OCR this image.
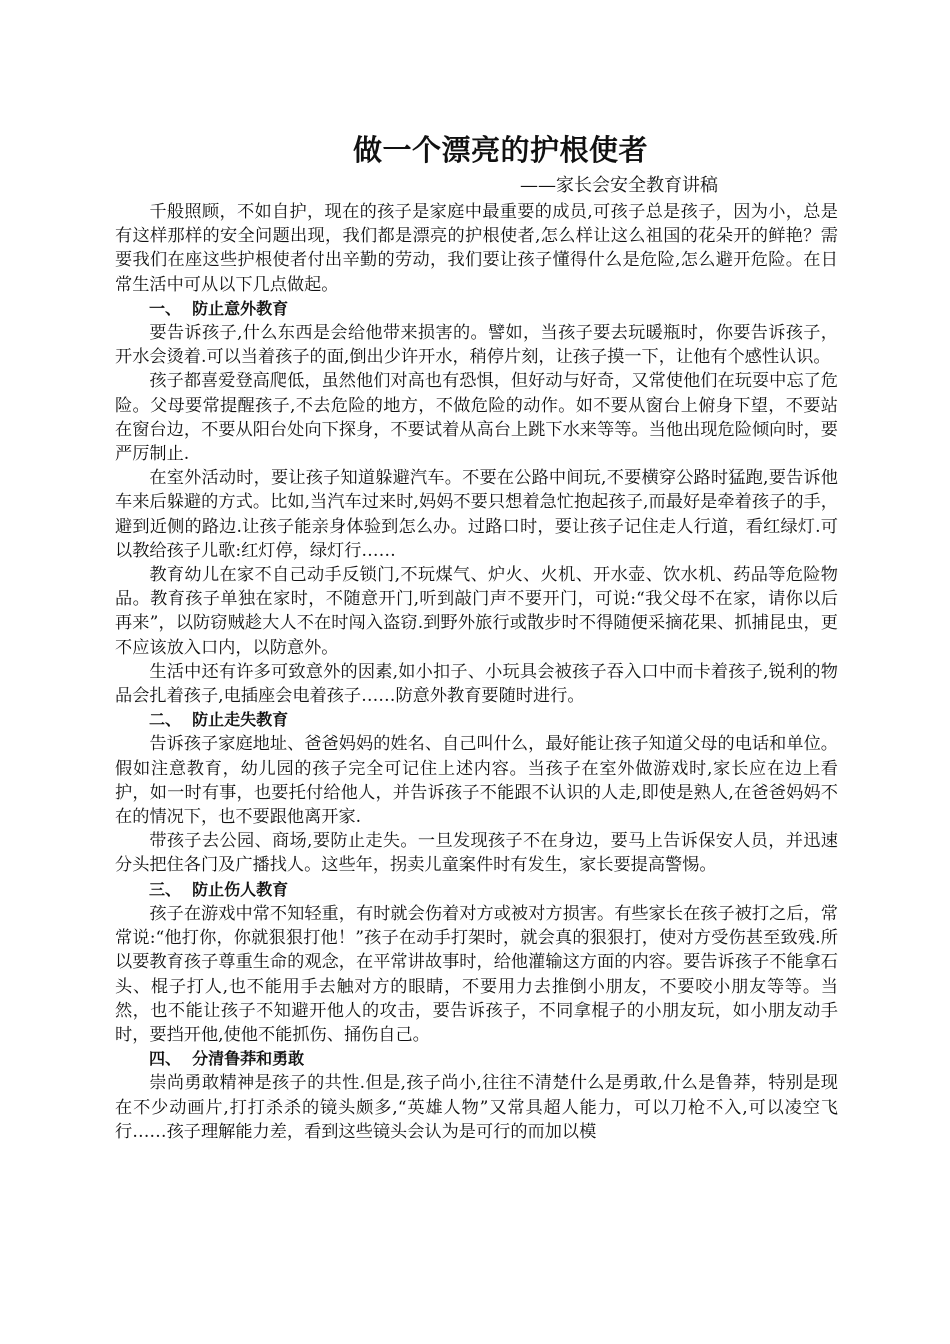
做一个漂亮的护根使者
——家长会安全教育讲稿

千般照顾，不如自护，现在的孩子是家庭中最重要的成员,可孩子总是孩子，因为小，总是有这样那样的安全问题出现，我们都是漂亮的护根使者,怎么样让这么祖国的花朵开的鲜艳？需要我们在座这些护根使者付出辛勤的劳动，我们要让孩子懂得什么是危险,怎么避开危险。在日常生活中可从以下几点做起。

一、  防止意外教育

要告诉孩子,什么东西是会给他带来损害的。譬如，当孩子要去玩暖瓶时，你要告诉孩子，开水会烫着.可以当着孩子的面,倒出少许开水，稍停片刻，让孩子摸一下，让他有个感性认识。

孩子都喜爱登高爬低，虽然他们对高也有恐惧，但好动与好奇，又常使他们在玩耍中忘了危险。父母要常提醒孩子,不去危险的地方，不做危险的动作。如不要从窗台上俯身下望，不要站在窗台边，不要从阳台处向下探身，不要试着从高台上跳下水来等等。当他出现危险倾向时，要严厉制止.

在室外活动时，要让孩子知道躲避汽车。不要在公路中间玩,不要横穿公路时猛跑,要告诉他车来后躲避的方式。比如,当汽车过来时,妈妈不要只想着急忙抱起孩子,而最好是牵着孩子的手，避到近侧的路边.让孩子能亲身体验到怎么办。过路口时，要让孩子记住走人行道，看红绿灯.可以教给孩子儿歌:红灯停，绿灯行……

教育幼儿在家不自己动手反锁门,不玩煤气、炉火、火机、开水壶、饮水机、药品等危险物品。教育孩子单独在家时，不随意开门,听到敲门声不要开门，可说:“我父母不在家，请你以后再来”，以防窃贼趁大人不在时闯入盗窃.到野外旅行或散步时不得随便采摘花果、抓捕昆虫，更不应该放入口内，以防意外。

生活中还有许多可致意外的因素,如小扣子、小玩具会被孩子吞入口中而卡着孩子,锐利的物品会扎着孩子,电插座会电着孩子……防意外教育要随时进行。

二、  防止走失教育

告诉孩子家庭地址、爸爸妈妈的姓名、自己叫什么，最好能让孩子知道父母的电话和单位。假如注意教育，幼儿园的孩子完全可记住上述内容。当孩子在室外做游戏时,家长应在边上看护，如一时有事，也要托付给他人，并告诉孩子不能跟不认识的人走,即使是熟人,在爸爸妈妈不在的情况下，也不要跟他离开家.

带孩子去公园、商场,要防止走失。一旦发现孩子不在身边，要马上告诉保安人员，并迅速分头把住各门及广播找人。这些年，拐卖儿童案件时有发生，家长要提高警惕。

三、  防止伤人教育

孩子在游戏中常不知轻重，有时就会伤着对方或被对方损害。有些家长在孩子被打之后，常常说:“他打你，你就狠狠打他！”孩子在动手打架时，就会真的狠狠打，使对方受伤甚至致残.所以要教育孩子尊重生命的观念，在平常讲故事时，给他灌输这方面的内容。要告诉孩子不能拿石头、棍子打人,也不能用手去触对方的眼睛，不要用力去推倒小朋友，不要咬小朋友等等。当然，也不能让孩子不知避开他人的攻击，要告诉孩子，不同拿棍子的小朋友玩，如小朋友动手时，要挡开他,使他不能抓伤、捅伤自己。

四、  分清鲁莽和勇敢

崇尚勇敢精神是孩子的共性.但是,孩子尚小,往往不清楚什么是勇敢,什么是鲁莽，特别是现在不少动画片,打打杀杀的镜头颇多,“英雄人物”又常具超人能力，可以刀枪不入,可以凌空飞行……孩子理解能力差，看到这些镜头会认为是可行的而加以模
